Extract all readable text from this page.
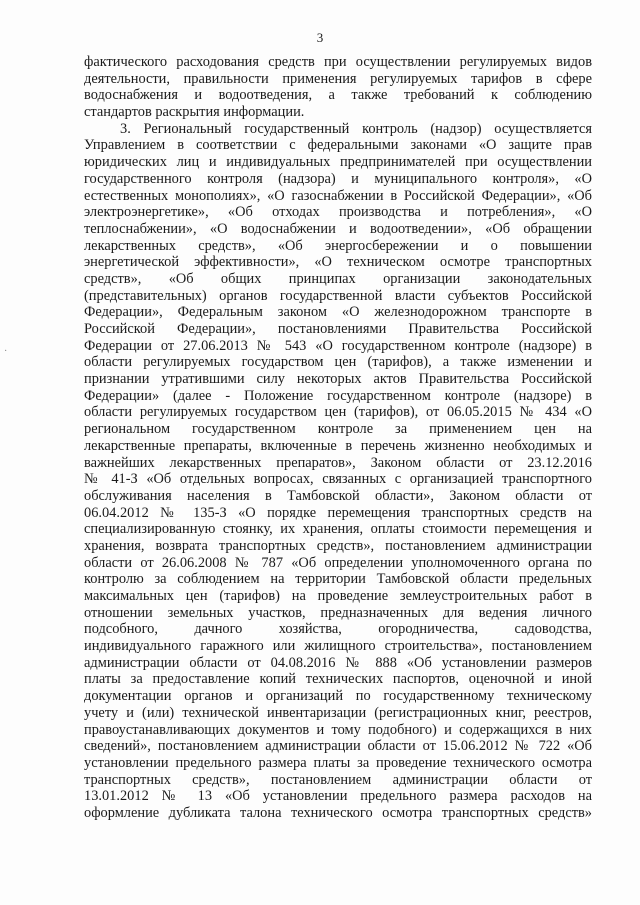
3
·
фактического расходования средств при осуществлении регулируемых видов
деятельности, правильности применения регулируемых тарифов в сфере
водоснабжения и водоотведения, а также требований к соблюдению
стандартов раскрытия информации.
3. Региональный государственный контроль (надзор) осуществляется
Управлением в соответствии с федеральными законами «О защите прав
юридических лиц и индивидуальных предпринимателей при осуществлении
государственного контроля (надзора) и муниципального контроля», «О
естественных монополиях», «О газоснабжении в Российской Федерации», «Об
электроэнергетике», «Об отходах производства и потребления», «О
теплоснабжении», «О водоснабжении и водоотведении», «Об обращении
лекарственных средств», «Об энергосбережении и о повышении
энергетической эффективности», «О техническом осмотре транспортных
средств», «Об общих принципах организации законодательных
(представительных) органов государственной власти субъектов Российской
Федерации», Федеральным законом «О железнодорожном транспорте в
Российской Федерации», постановлениями Правительства Российской
Федерации от 27.06.2013 № 543 «О государственном контроле (надзоре) в
области регулируемых государством цен (тарифов), а также изменении и
признании утратившими силу некоторых актов Правительства Российской
Федерации» (далее - Положение государственном контроле (надзоре) в
области регулируемых государством цен (тарифов), от 06.05.2015 № 434 «О
региональном государственном контроле за применением цен на
лекарственные препараты, включенные в перечень жизненно необходимых и
важнейших лекарственных препаратов», Законом области от 23.12.2016
№ 41-З «Об отдельных вопросах, связанных с организацией транспортного
обслуживания населения в Тамбовской области», Законом области от
06.04.2012 № 135-З «О порядке перемещения транспортных средств на
специализированную стоянку, их хранения, оплаты стоимости перемещения и
хранения, возврата транспортных средств», постановлением администрации
области от 26.06.2008 № 787 «Об определении уполномоченного органа по
контролю за соблюдением на территории Тамбовской области предельных
максимальных цен (тарифов) на проведение землеустроительных работ в
отношении земельных участков, предназначенных для ведения личного
подсобного, дачного хозяйства, огородничества, садоводства,
индивидуального гаражного или жилищного строительства», постановлением
администрации области от 04.08.2016 № 888 «Об установлении размеров
платы за предоставление копий технических паспортов, оценочной и иной
документации органов и организаций по государственному техническому
учету и (или) технической инвентаризации (регистрационных книг, реестров,
правоустанавливающих документов и тому подобного) и содержащихся в них
сведений», постановлением администрации области от 15.06.2012 № 722 «Об
установлении предельного размера платы за проведение технического осмотра
транспортных средств», постановлением администрации области от
13.01.2012 № 13 «Об установлении предельного размера расходов на
оформление дубликата талона технического осмотра транспортных средств»
